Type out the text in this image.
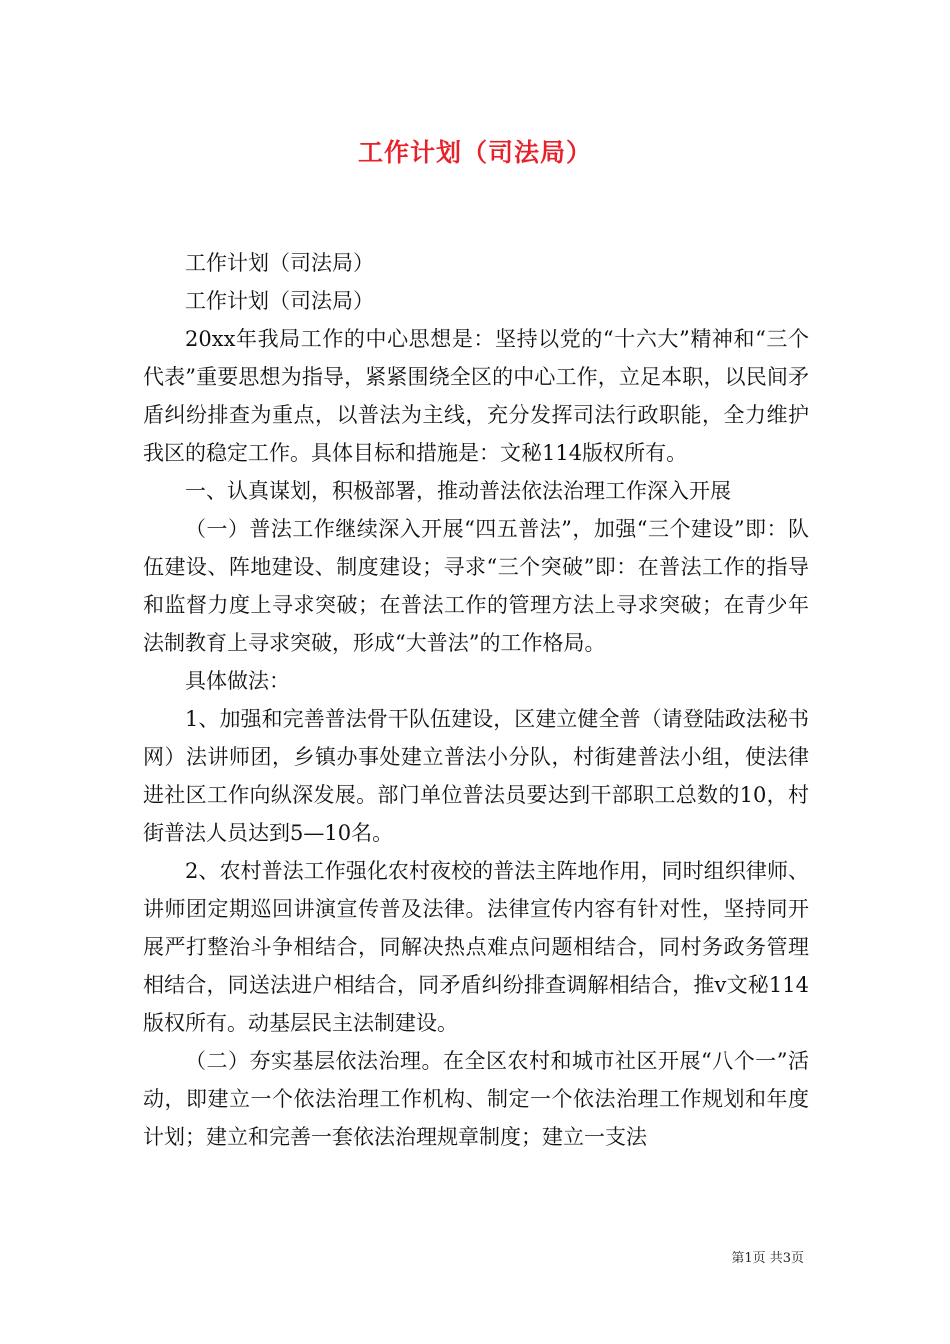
工作计划（司法局）

工作计划（司法局）

工作计划（司法局）

20xx年我局工作的中心思想是：坚持以党的“十六大”精神和“三个代表”重要思想为指导，紧紧围绕全区的中心工作，立足本职，以民间矛盾纠纷排查为重点，以普法为主线，充分发挥司法行政职能，全力维护我区的稳定工作。具体目标和措施是：文秘114版权所有。

一、认真谋划，积极部署，推动普法依法治理工作深入开展

（一）普法工作继续深入开展“四五普法”，加强“三个建设”即：队伍建设、阵地建设、制度建设；寻求“三个突破”即：在普法工作的指导和监督力度上寻求突破；在普法工作的管理方法上寻求突破；在青少年法制教育上寻求突破，形成“大普法”的工作格局。

具体做法：

1、加强和完善普法骨干队伍建设，区建立健全普（请登陆政法秘书网）法讲师团，乡镇办事处建立普法小分队，村街建普法小组，使法律进社区工作向纵深发展。部门单位普法员要达到干部职工总数的10，村街普法人员达到5—10名。

2、农村普法工作强化农村夜校的普法主阵地作用，同时组织律师、讲师团定期巡回讲演宣传普及法律。法律宣传内容有针对性，坚持同开展严打整治斗争相结合，同解决热点难点问题相结合，同村务政务管理相结合，同送法进户相结合，同矛盾纠纷排查调解相结合，推v文秘114版权所有。动基层民主法制建设。

（二）夯实基层依法治理。在全区农村和城市社区开展“八个一”活动，即建立一个依法治理工作机构、制定一个依法治理工作规划和年度计划；建立和完善一套依法治理规章制度；建立一支法

第1页 共3页
